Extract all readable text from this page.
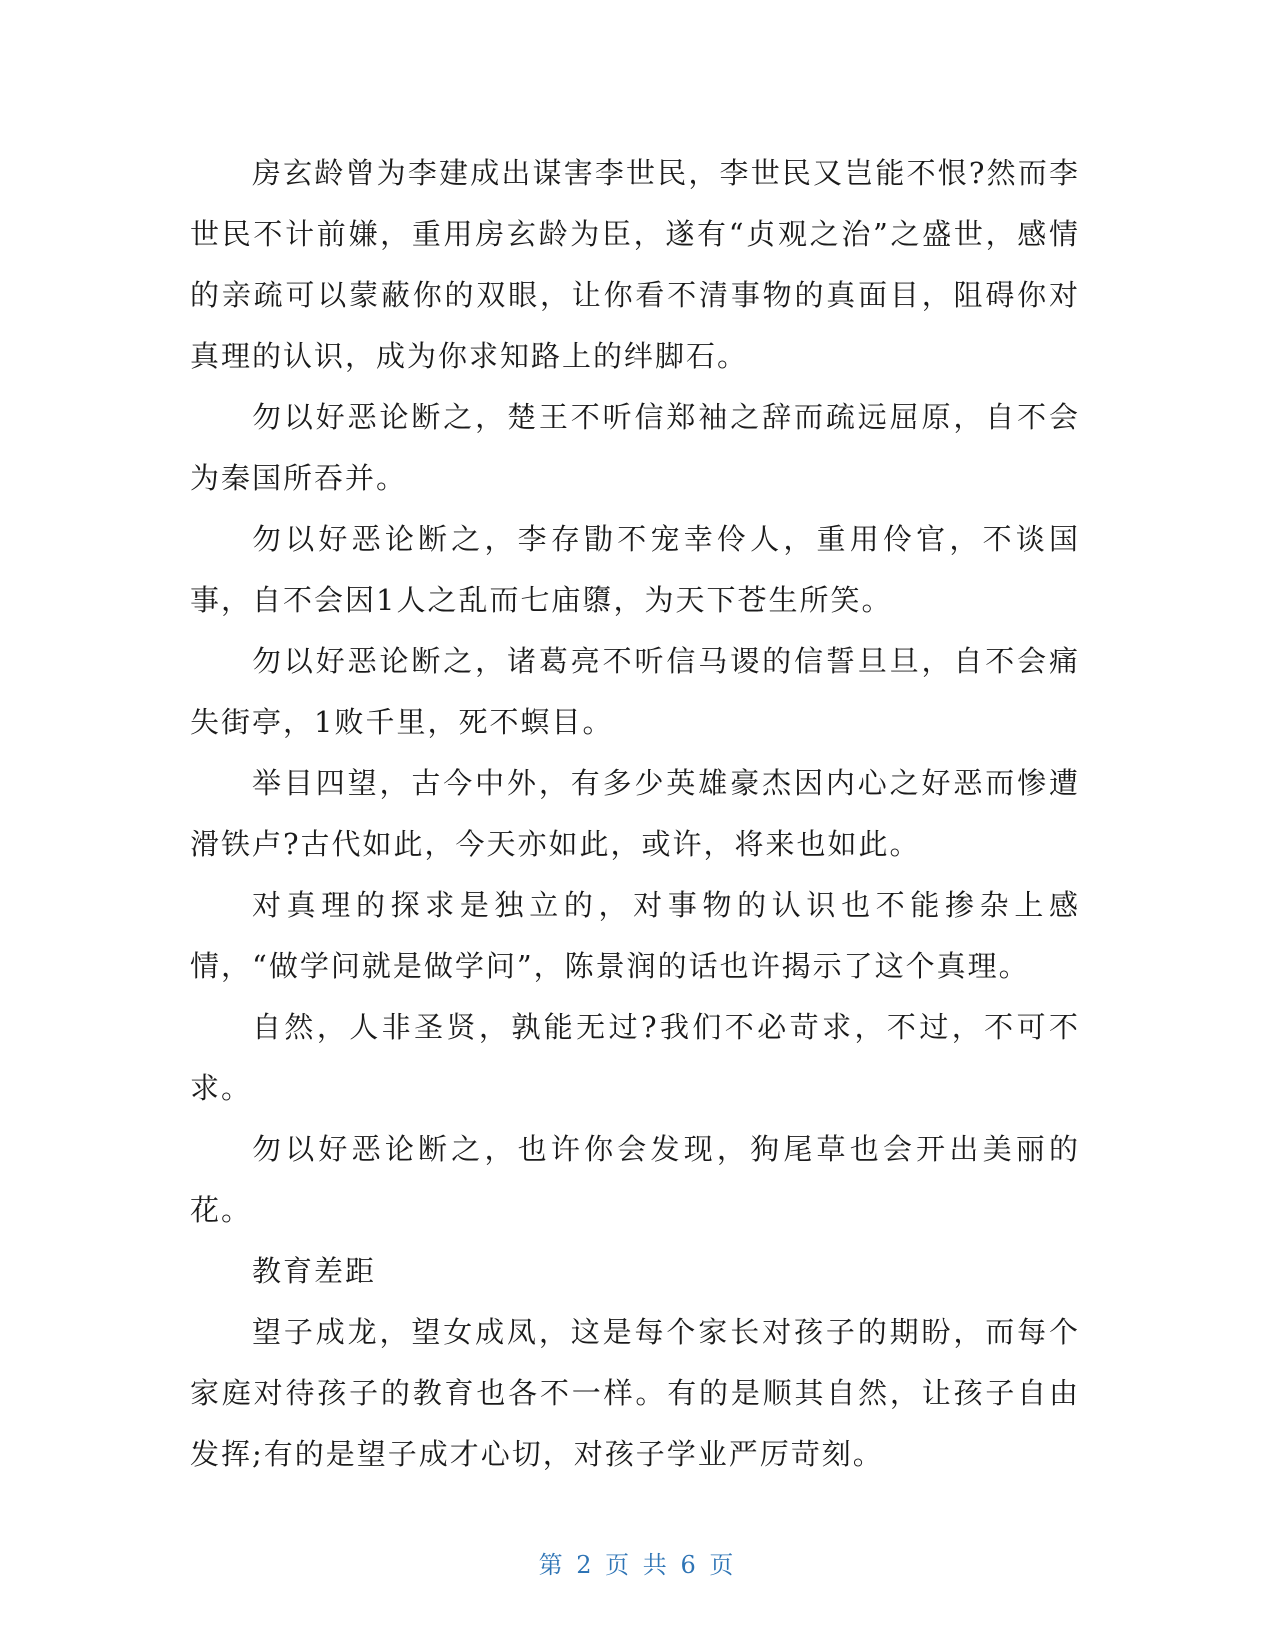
房玄龄曾为李建成出谋害李世民，李世民又岂能不恨?然而李世民不计前嫌，重用房玄龄为臣，遂有“贞观之治”之盛世，感情的亲疏可以蒙蔽你的双眼，让你看不清事物的真面目，阻碍你对真理的认识，成为你求知路上的绊脚石。

勿以好恶论断之，楚王不听信郑袖之辞而疏远屈原，自不会为秦国所吞并。

勿以好恶论断之，李存勖不宠幸伶人，重用伶官，不谈国事，自不会因1人之乱而七庙隳，为天下苍生所笑。

勿以好恶论断之，诸葛亮不听信马谡的信誓旦旦，自不会痛失街亭，1败千里，死不螟目。

举目四望，古今中外，有多少英雄豪杰因内心之好恶而惨遭滑铁卢?古代如此，今天亦如此，或许，将来也如此。

对真理的探求是独立的，对事物的认识也不能掺杂上感情，“做学问就是做学问”，陈景润的话也许揭示了这个真理。

自然，人非圣贤，孰能无过?我们不必苛求，不过，不可不求。

勿以好恶论断之，也许你会发现，狗尾草也会开出美丽的花。

教育差距

望子成龙，望女成凤，这是每个家长对孩子的期盼，而每个家庭对待孩子的教育也各不一样。有的是顺其自然，让孩子自由发挥;有的是望子成才心切，对孩子学业严厉苛刻。

第 2 页 共 6 页
